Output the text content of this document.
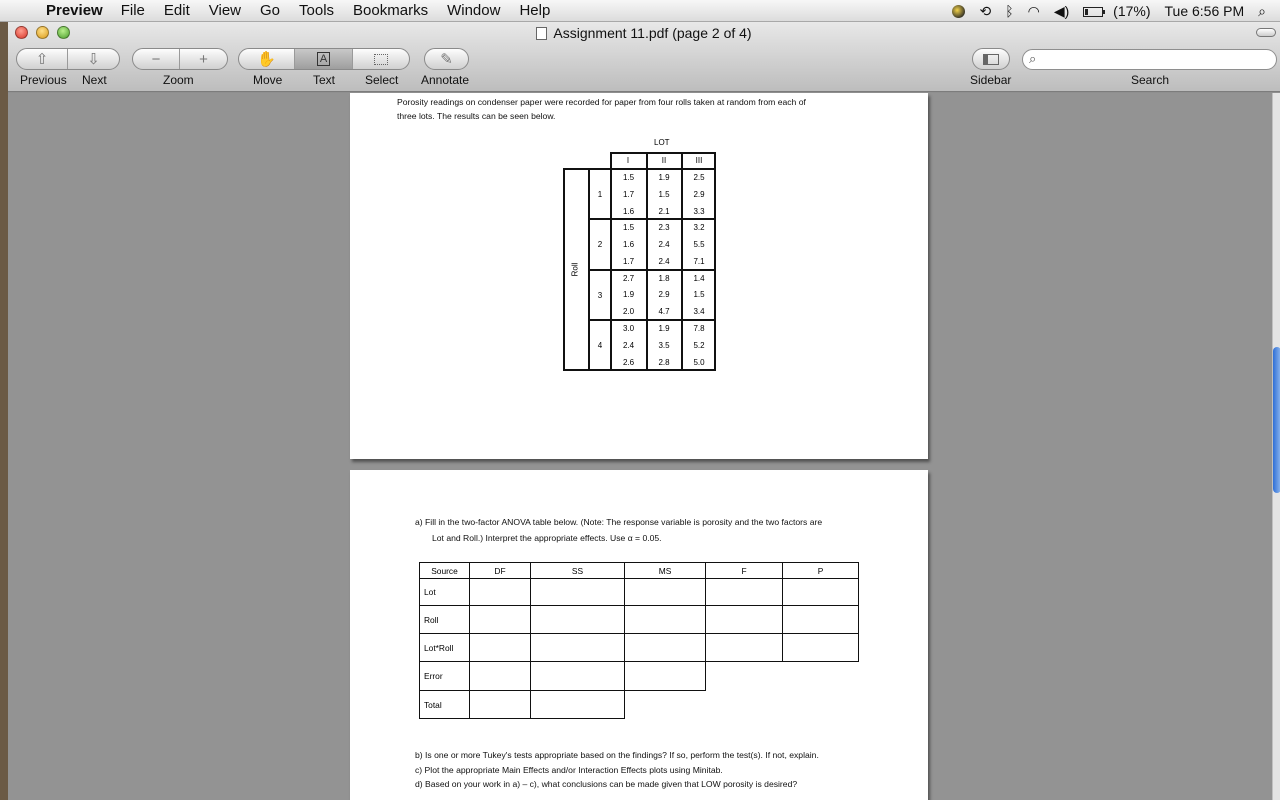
Preview File Edit View Go Tools Bookmarks Window Help	⟲ ᛒ ◠ ◀)	(17%) Tue 6:56 PM ⌕
Assignment 11.pdf (page 2 of 4)
⇧	⇩
Previous Next
−	+
Zoom
✋	A
Move	Text Select
✎
Annotate	Sidebar
⌕
Search
Porosity readings on condenser paper were recorded for paper from four rolls taken at random from each of
three lots. The results can be seen below.
LOT
I	II	III
Roll
1
1.5	1.9	2.5
1.7	1.5	2.9
1.6	2.1	3.3
2
1.5	2.3	3.2
1.6	2.4	5.5
1.7	2.4	7.1
3
2.7	1.8	1.4
1.9	2.9	1.5
2.0	4.7	3.4
4
3.0	1.9	7.8
2.4	3.5	5.2
2.6	2.8	5.0
a) Fill in the two-factor ANOVA table below. (Note: The response variable is porosity and the two factors are
Lot and Roll.) Interpret the appropriate effects. Use α = 0.05.
Source	DF	SS	MS	F	P
Lot					
Roll					
Lot*Roll					
Error					
Total					
b) Is one or more Tukey's tests appropriate based on the findings? If so, perform the test(s). If not, explain.
c) Plot the appropriate Main Effects and/or Interaction Effects plots using Minitab.
d) Based on your work in a) – c), what conclusions can be made given that LOW porosity is desired?
